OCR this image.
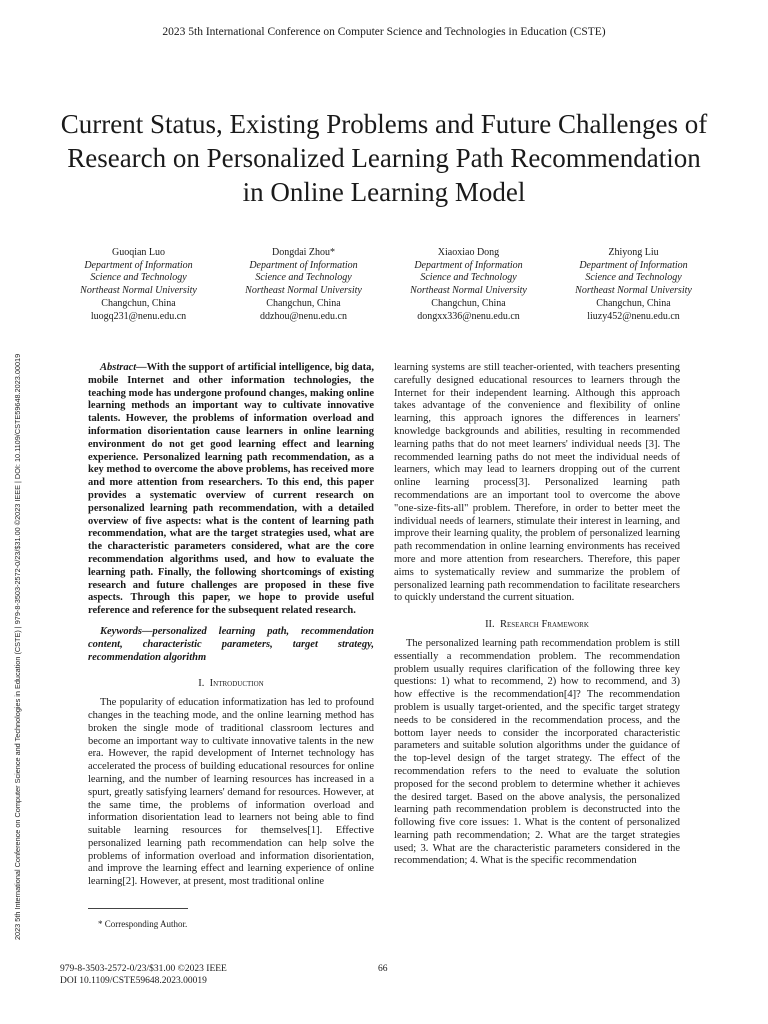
2023 5th International Conference on Computer Science and Technologies in Education (CSTE)
2023 5th International Conference on Computer Science and Technologies in Education (CSTE) | 979-8-3503-2572-0/23/$31.00 ©2023 IEEE | DOI: 10.1109/CSTE59648.2023.00019
Current Status, Existing Problems and Future Challenges of Research on Personalized Learning Path Recommendation in Online Learning Model
Guoqian Luo
Department of Information
Science and Technology
Northeast Normal University
Changchun, China
luogq231@nenu.edu.cn
Dongdai Zhou*
Department of Information
Science and Technology
Northeast Normal University
Changchun, China
ddzhou@nenu.edu.cn
Xiaoxiao Dong
Department of Information
Science and Technology
Northeast Normal University
Changchun, China
dongxx336@nenu.edu.cn
Zhiyong Liu
Department of Information
Science and Technology
Northeast Normal University
Changchun, China
liuzy452@nenu.edu.cn

Abstract—With the support of artificial intelligence, big data, mobile Internet and other information technologies, the teaching mode has undergone profound changes, making online learning methods an important way to cultivate innovative talents. However, the problems of information overload and information disorientation cause learners in online learning environment do not get good learning effect and learning experience. Personalized learning path recommendation, as a key method to overcome the above problems, has received more and more attention from researchers. To this end, this paper provides a systematic overview of current research on personalized learning path recommendation, with a detailed overview of five aspects: what is the content of learning path recommendation, what are the target strategies used, what are the characteristic parameters considered, what are the core recommendation algorithms used, and how to evaluate the learning path. Finally, the following shortcomings of existing research and future challenges are proposed in these five aspects. Through this paper, we hope to provide useful reference and reference for the subsequent related research.

Keywords—personalized learning path, recommendation content, characteristic parameters, target strategy, recommendation algorithm

I. Introduction

The popularity of education informatization has led to profound changes in the teaching mode, and the online learning method has broken the single mode of traditional classroom lectures and become an important way to cultivate innovative talents in the new era. However, the rapid development of Internet technology has accelerated the process of building educational resources for online learning, and the number of learning resources has increased in a spurt, greatly satisfying learners' demand for resources. However, at the same time, the problems of information overload and information disorientation lead to learners not being able to find suitable learning resources for themselves[1]. Effective personalized learning path recommendation can help solve the problems of information overload and information disorientation, and improve the learning effect and learning experience of online learning[2]. However, at present, most traditional online

learning systems are still teacher-oriented, with teachers presenting carefully designed educational resources to learners through the Internet for their independent learning. Although this approach takes advantage of the convenience and flexibility of online learning, this approach ignores the differences in learners' knowledge backgrounds and abilities, resulting in recommended learning paths that do not meet learners' individual needs [3]. The recommended learning paths do not meet the individual needs of learners, which may lead to learners dropping out of the current online learning process[3]. Personalized learning path recommendations are an important tool to overcome the above "one-size-fits-all" problem. Therefore, in order to better meet the individual needs of learners, stimulate their interest in learning, and improve their learning quality, the problem of personalized learning path recommendation in online learning environments has received more and more attention from researchers. Therefore, this paper aims to systematically review and summarize the problem of personalized learning path recommendation to facilitate researchers to quickly understand the current situation.

II. Research Framework

The personalized learning path recommendation problem is still essentially a recommendation problem. The recommendation problem usually requires clarification of the following three key questions: 1) what to recommend, 2) how to recommend, and 3) how effective is the recommendation[4]? The recommendation problem is usually target-oriented, and the specific target strategy needs to be considered in the recommendation process, and the bottom layer needs to consider the incorporated characteristic parameters and suitable solution algorithms under the guidance of the top-level design of the target strategy. The effect of the recommendation refers to the need to evaluate the solution proposed for the second problem to determine whether it achieves the desired target. Based on the above analysis, the personalized learning path recommendation problem is deconstructed into the following five core issues: 1. What is the content of personalized learning path recommendation; 2. What are the target strategies used; 3. What are the characteristic parameters considered in the recommendation; 4. What is the specific recommendation

* Corresponding Author.
979-8-3503-2572-0/23/$31.00 ©2023 IEEE
DOI 10.1109/CSTE59648.2023.00019
66
